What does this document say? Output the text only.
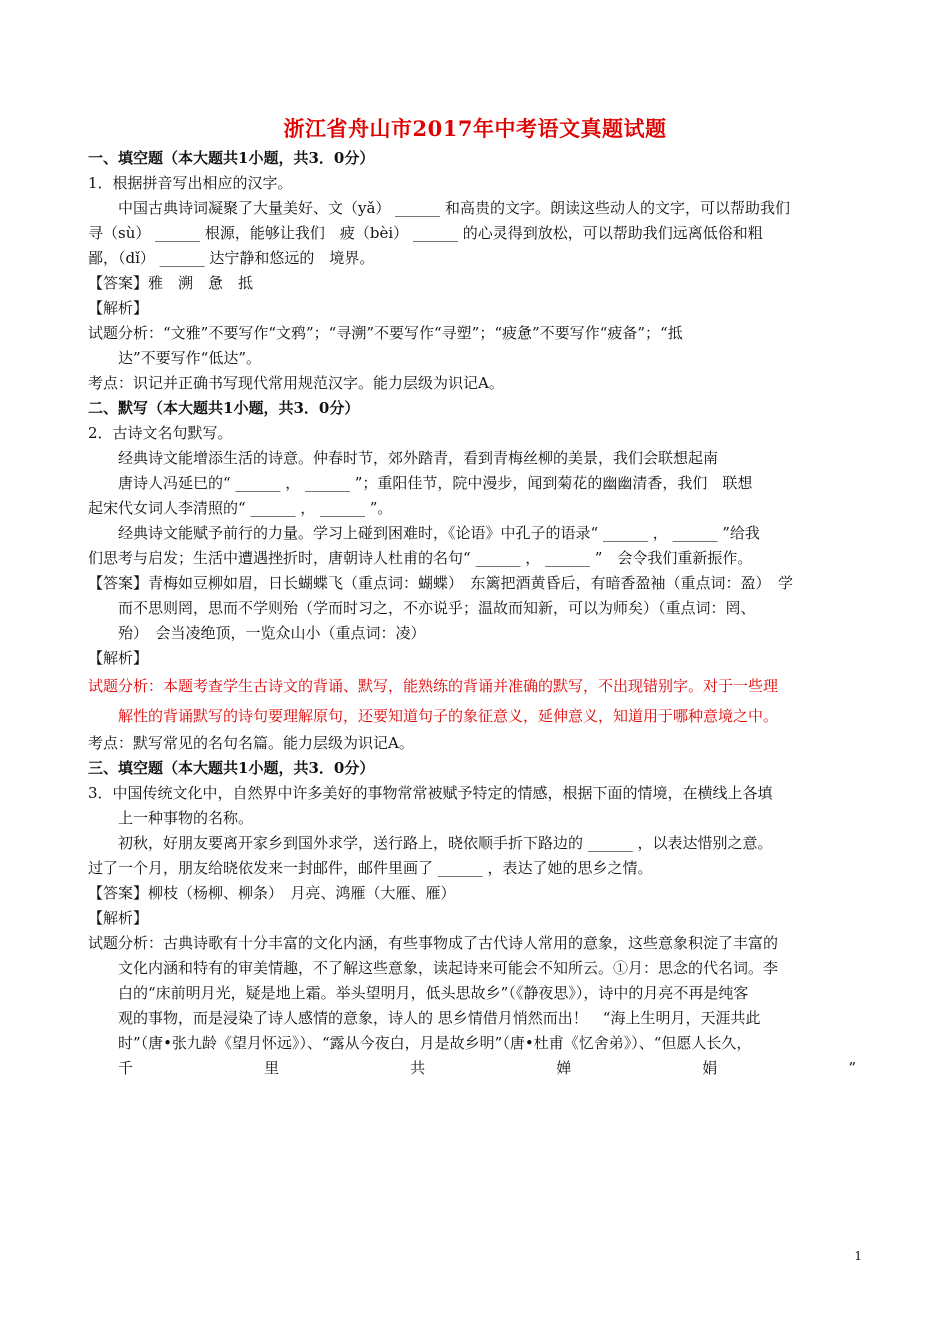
浙江省舟山市2017年中考语文真题试题
一、填空题（本大题共1小题，共3．0分）
1．根据拼音写出相应的汉字。
中国古典诗词凝聚了大量美好、文（yǎ） ______ 和高贵的文字。朗读这些动人的文字，可以帮助我们
寻（sù） ______ 根源，能够让我们　疲（bèi） ______ 的心灵得到放松，可以帮助我们远离低俗和粗
鄙，（dǐ） ______ 达宁静和悠远的　境界。
【答案】雅　溯　惫　抵
【解析】
试题分析：“文雅”不要写作“文鸦”；“寻溯”不要写作“寻塑”；“疲惫”不要写作“疲备”；“抵
达”不要写作“低达”。
考点：识记并正确书写现代常用规范汉字。能力层级为识记A。
二、默写（本大题共1小题，共3．0分）
2．古诗文名句默写。
经典诗文能增添生活的诗意。仲春时节，郊外踏青，看到青梅丝柳的美景，我们会联想起南
唐诗人冯延巳的“ ______ ， ______ ”；重阳佳节，院中漫步，闻到菊花的幽幽清香，我们　联想
起宋代女词人李清照的“ ______ ， ______ ”。
经典诗文能赋予前行的力量。学习上碰到困难时，《论语》中孔子的语录“ ______ ， ______ ”给我
们思考与启发；生活中遭遇挫折时，唐朝诗人杜甫的名句“ ______ ， ______ ”　会令我们重新振作。
【答案】青梅如豆柳如眉，日长蝴蝶飞（重点词：蝴蝶）　东篱把酒黄昏后，有暗香盈袖（重点词：盈）　学
而不思则罔，思而不学则殆（学而时习之，不亦说乎；温故而知新，可以为师矣）（重点词：罔、
殆）　会当凌绝顶，一览众山小（重点词：凌）
【解析】
试题分析：本题考查学生古诗文的背诵、默写，能熟练的背诵并准确的默写，不出现错别字。对于一些理
解性的背诵默写的诗句要理解原句，还要知道句子的象征意义，延伸意义，知道用于哪种意境之中。
考点：默写常见的名句名篇。能力层级为识记A。
三、填空题（本大题共1小题，共3．0分）
3．中国传统文化中，自然界中许多美好的事物常常被赋予特定的情感，根据下面的情境，在横线上各填
上一种事物的名称。
初秋，好朋友要离开家乡到国外求学，送行路上，晓依顺手折下路边的 ______ ，以表达惜别之意。
过了一个月，朋友给晓依发来一封邮件，邮件里画了 ______ ，表达了她的思乡之情。
【答案】柳枝（杨柳、柳条）　月亮、鸿雁（大雁、雁）
【解析】
试题分析：古典诗歌有十分丰富的文化内涵，有些事物成了古代诗人常用的意象，这些意象积淀了丰富的
文化内涵和特有的审美情趣，不了解这些意象，读起诗来可能会不知所云。①月：思念的代名词。李
白的“床前明月光，疑是地上霜。举头望明月，低头思故乡”（《静夜思》），诗中的月亮不再是纯客
观的事物，而是浸染了诗人感情的意象，诗人的 思乡情借月悄然而出！　“海上生明月，天涯共此
时”（唐•张九龄《望月怀远》）、“露从今夜白，月是故乡明”（唐•杜甫《忆舍弟》）、“但愿人长久，
千	里	共	婵	娟	”
1
